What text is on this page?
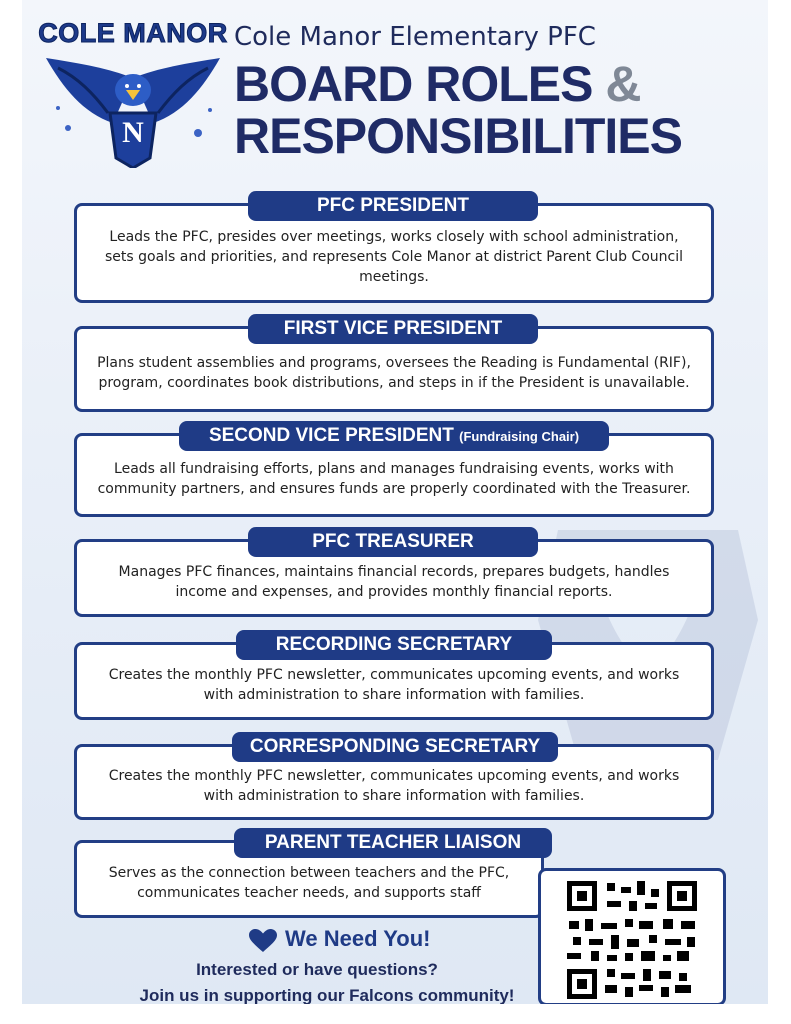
COLE MANOR
N
Cole Manor Elementary PFC
BOARD ROLES &
RESPONSIBILITIES
Leads the PFC, presides over meetings, works closely with school administration, sets goals and priorities, and represents Cole Manor at district Parent Club Council meetings.
PFC PRESIDENT
Plans student assemblies and programs, oversees the Reading is Fundamental (RIF), program, coordinates book distributions, and steps in if the President is unavailable.
FIRST VICE PRESIDENT
Leads all fundraising efforts, plans and manages fundraising events, works with community partners, and ensures funds are properly coordinated with the Treasurer.
SECOND VICE PRESIDENT (Fundraising Chair)
Manages PFC finances, maintains financial records, prepares budgets, handles income and expenses, and provides monthly financial reports.
PFC TREASURER
Creates the monthly PFC newsletter, communicates upcoming events, and works with administration to share information with families.
RECORDING SECRETARY
Creates the monthly PFC newsletter, communicates upcoming events, and works with administration to share information with families.
CORRESPONDING SECRETARY
Serves as the connection between teachers and the PFC, communicates teacher needs, and supports staff
PARENT TEACHER LIAISON
We Need You!
Interested or have questions?
Join us in supporting our Falcons community!
